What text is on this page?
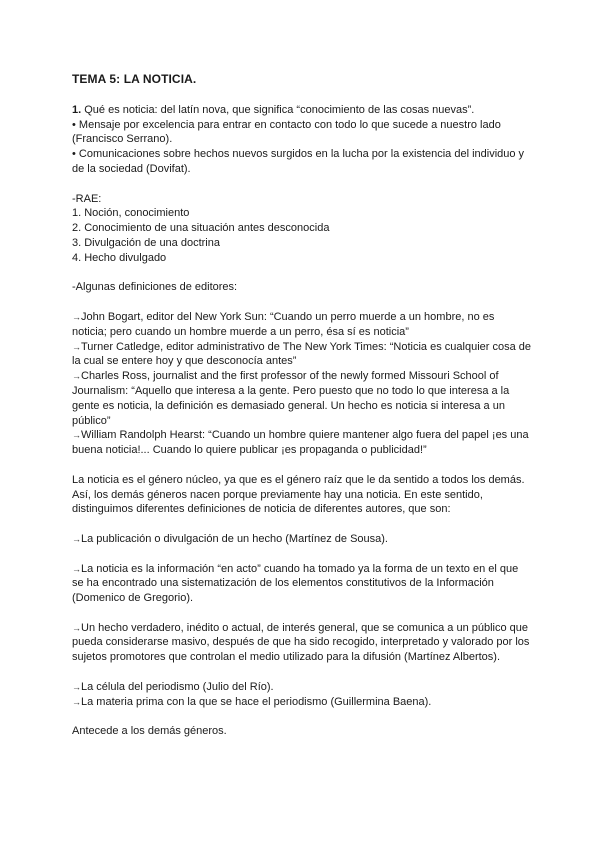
TEMA 5: LA NOTICIA.

1. Qué es noticia: del latín nova, que significa “conocimiento de las cosas nuevas”.

• Mensaje por excelencia para entrar en contacto con todo lo que sucede a nuestro lado (Francisco Serrano).

• Comunicaciones sobre hechos nuevos surgidos en la lucha por la existencia del individuo y de la sociedad (Dovifat).

-RAE:

1. Noción, conocimiento

2. Conocimiento de una situación antes desconocida

3. Divulgación de una doctrina

4. Hecho divulgado

-Algunas definiciones de editores:

→John Bogart, editor del New York Sun: “Cuando un perro muerde a un hombre, no es noticia; pero cuando un hombre muerde a un perro, ésa sí es noticia”

→Turner Catledge, editor administrativo de The New York Times: “Noticia es cualquier cosa de la cual se entere hoy y que desconocía antes”

→Charles Ross, journalist and the first professor of the newly formed Missouri School of Journalism: “Aquello que interesa a la gente. Pero puesto que no todo lo que interesa a la gente es noticia, la definición es demasiado general. Un hecho es noticia si interesa a un público”

→William Randolph Hearst: “Cuando un hombre quiere mantener algo fuera del papel ¡es una buena noticia!... Cuando lo quiere publicar ¡es propaganda o publicidad!”

La noticia es el género núcleo, ya que es el género raíz que le da sentido a todos los demás. Así, los demás géneros nacen porque previamente hay una noticia. En este sentido, distinguimos diferentes definiciones de noticia de diferentes autores, que son:

→La publicación o divulgación de un hecho (Martínez de Sousa).

→La noticia es la información “en acto” cuando ha tomado ya la forma de un texto en el que se ha encontrado una sistematización de los elementos constitutivos de la Información (Domenico de Gregorio).

→Un hecho verdadero, inédito o actual, de interés general, que se comunica a un público que pueda considerarse masivo, después de que ha sido recogido, interpretado y valorado por los sujetos promotores que controlan el medio utilizado para la difusión (Martínez Albertos).

→La célula del periodismo (Julio del Río).

→La materia prima con la que se hace el periodismo (Guillermina Baena).

Antecede a los demás géneros.
